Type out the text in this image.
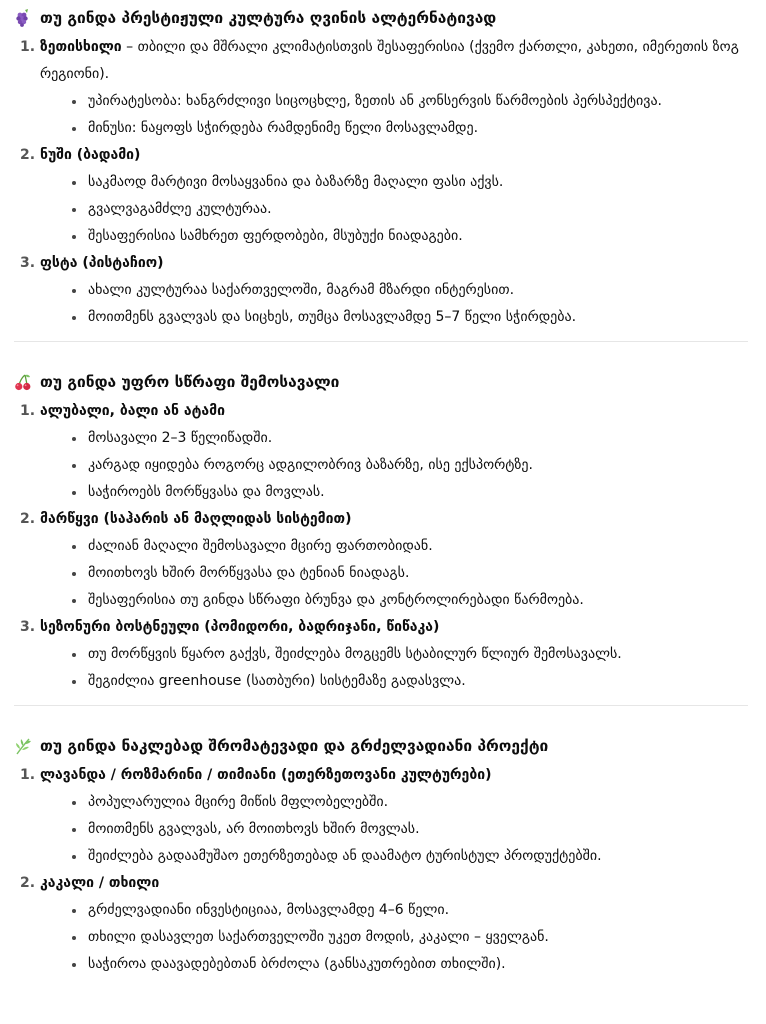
თუ გინდა პრესტიჟული კულტურა ღვინის ალტერნატივად
1. ზეთისხილი – თბილი და მშრალი კლიმატისთვის შესაფერისია (ქვემო ქართლი, კახეთი, იმერეთის ზოგ რეგიონი).
უპირატესობა: ხანგრძლივი სიცოცხლე, ზეთის ან კონსერვის წარმოების პერსპექტივა.
მინუსი: ნაყოფს სჭირდება რამდენიმე წელი მოსავლამდე.
2. ნუში (ბადამი)
საკმაოდ მარტივი მოსაყვანია და ბაზარზე მაღალი ფასი აქვს.
გვალვაგამძლე კულტურაა.
შესაფერისია სამხრეთ ფერდობები, მსუბუქი ნიადაგები.
3. ფსტა (პისტაჩიო)
ახალი კულტურაა საქართველოში, მაგრამ მზარდი ინტერესით.
მოითმენს გვალვას და სიცხეს, თუმცა მოსავლამდე 5–7 წელი სჭირდება.
თუ გინდა უფრო სწრაფი შემოსავალი
1. ალუბალი, ბალი ან ატამი
მოსავალი 2–3 წელიწადში.
კარგად იყიდება როგორც ადგილობრივ ბაზარზე, ისე ექსპორტზე.
საჭიროებს მორწყვასა და მოვლას.
2. მარწყვი (საჰარის ან მაღლიდას სისტემით)
ძალიან მაღალი შემოსავალი მცირე ფართობიდან.
მოითხოვს ხშირ მორწყვასა და ტენიან ნიადაგს.
შესაფერისია თუ გინდა სწრაფი ბრუნვა და კონტროლირებადი წარმოება.
3. სეზონური ბოსტნეული (პომიდორი, ბადრიჯანი, წიწაკა)
თუ მორწყვის წყარო გაქვს, შეიძლება მოგცემს სტაბილურ წლიურ შემოსავალს.
შეგიძლია greenhouse (სათბური) სისტემაზე გადასვლა.
თუ გინდა ნაკლებად შრომატევადი და გრძელვადიანი პროექტი
1. ლავანდა / როზმარინი / თიმიანი (ეთერზეთოვანი კულტურები)
პოპულარულია მცირე მიწის მფლობელებში.
მოითმენს გვალვას, არ მოითხოვს ხშირ მოვლას.
შეიძლება გადაამუშაო ეთერზეთებად ან დაამატო ტურისტულ პროდუქტებში.
2. კაკალი / თხილი
გრძელვადიანი ინვესტიციაა, მოსავლამდე 4–6 წელი.
თხილი დასავლეთ საქართველოში უკეთ მოდის, კაკალი – ყველგან.
საჭიროა დაავადებებთან ბრძოლა (განსაკუთრებით თხილში).
